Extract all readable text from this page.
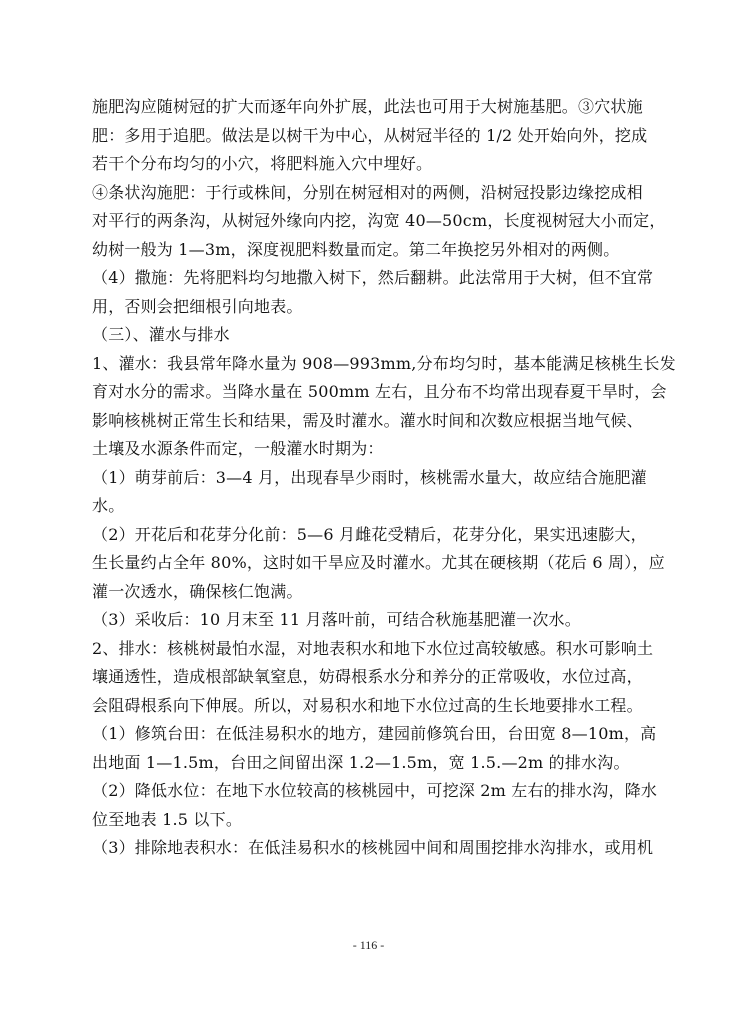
施肥沟应随树冠的扩大而逐年向外扩展，此法也可用于大树施基肥。③穴状施
肥：多用于追肥。做法是以树干为中心，从树冠半径的 1/2 处开始向外，挖成
若干个分布均匀的小穴，将肥料施入穴中埋好。
④条状沟施肥：于行或株间，分别在树冠相对的两侧，沿树冠投影边缘挖成相
对平行的两条沟，从树冠外缘向内挖，沟宽 40—50cm，长度视树冠大小而定，
幼树一般为 1—3m，深度视肥料数量而定。第二年换挖另外相对的两侧。
（4）撒施：先将肥料均匀地撒入树下，然后翻耕。此法常用于大树，但不宜常
用，否则会把细根引向地表。
（三）、灌水与排水
1、灌水：我县常年降水量为 908—993mm,分布均匀时，基本能满足核桃生长发
育对水分的需求。当降水量在 500mm 左右，且分布不均常出现春夏干旱时，会
影响核桃树正常生长和结果，需及时灌水。灌水时间和次数应根据当地气候、
土壤及水源条件而定，一般灌水时期为：
（1）萌芽前后：3—4 月，出现春旱少雨时，核桃需水量大，故应结合施肥灌
水。
（2）开花后和花芽分化前：5—6 月雌花受精后，花芽分化，果实迅速膨大，
生长量约占全年 80%，这时如干旱应及时灌水。尤其在硬核期（花后 6 周），应
灌一次透水，确保核仁饱满。
（3）采收后：10 月末至 11 月落叶前，可结合秋施基肥灌一次水。
2、排水：核桃树最怕水湿，对地表积水和地下水位过高较敏感。积水可影响土
壤通透性，造成根部缺氧窒息，妨碍根系水分和养分的正常吸收，水位过高，
会阻碍根系向下伸展。所以，对易积水和地下水位过高的生长地要排水工程。
（1）修筑台田：在低洼易积水的地方，建园前修筑台田，台田宽 8—10m，高
出地面 1—1.5m，台田之间留出深 1.2—1.5m，宽 1.5.—2m 的排水沟。
（2）降低水位：在地下水位较高的核桃园中，可挖深 2m 左右的排水沟，降水
位至地表 1.5 以下。
（3）排除地表积水：在低洼易积水的核桃园中间和周围挖排水沟排水，或用机
- 116 -
